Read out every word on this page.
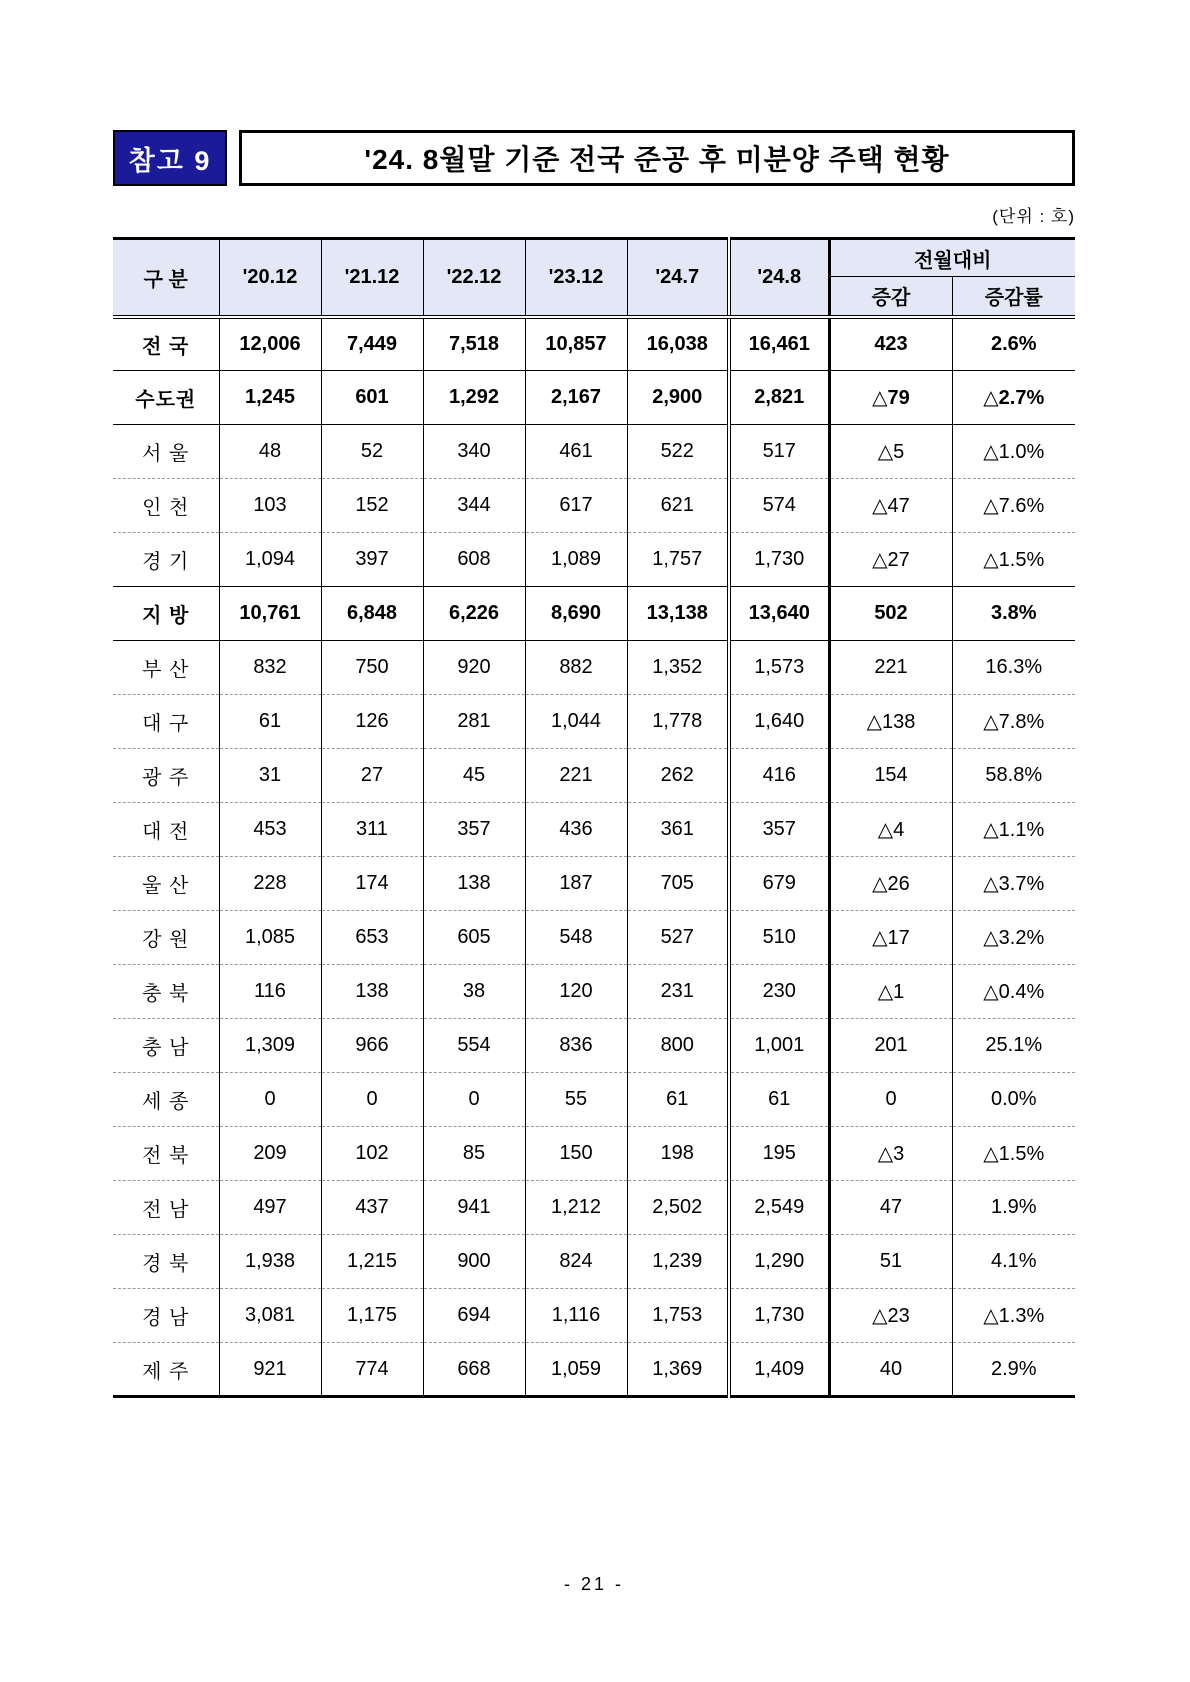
참고 9	'24. 8월말 기준 전국 준공 후 미분양 주택 현황
(단위 : 호)
구 분	'20.12	'21.12	'22.12	'23.12	'24.7	'24.8	전월대비	
							증감	증감률
전 국	12,006	7,449	7,518	10,857	16,038	16,461	423	2.6%
수도권	1,245	601	1,292	2,167	2,900	2,821	△79	△2.7%
서 울	48	52	340	461	522	517	△5	△1.0%
인 천	103	152	344	617	621	574	△47	△7.6%
경 기	1,094	397	608	1,089	1,757	1,730	△27	△1.5%
지 방	10,761	6,848	6,226	8,690	13,138	13,640	502	3.8%
부 산	832	750	920	882	1,352	1,573	221	16.3%
대 구	61	126	281	1,044	1,778	1,640	△138	△7.8%
광 주	31	27	45	221	262	416	154	58.8%
대 전	453	311	357	436	361	357	△4	△1.1%
울 산	228	174	138	187	705	679	△26	△3.7%
강 원	1,085	653	605	548	527	510	△17	△3.2%
충 북	116	138	38	120	231	230	△1	△0.4%
충 남	1,309	966	554	836	800	1,001	201	25.1%
세 종	0	0	0	55	61	61	0	0.0%
전 북	209	102	85	150	198	195	△3	△1.5%
전 남	497	437	941	1,212	2,502	2,549	47	1.9%
경 북	1,938	1,215	900	824	1,239	1,290	51	4.1%
경 남	3,081	1,175	694	1,116	1,753	1,730	△23	△1.3%
제 주	921	774	668	1,059	1,369	1,409	40	2.9%
- 21 -
